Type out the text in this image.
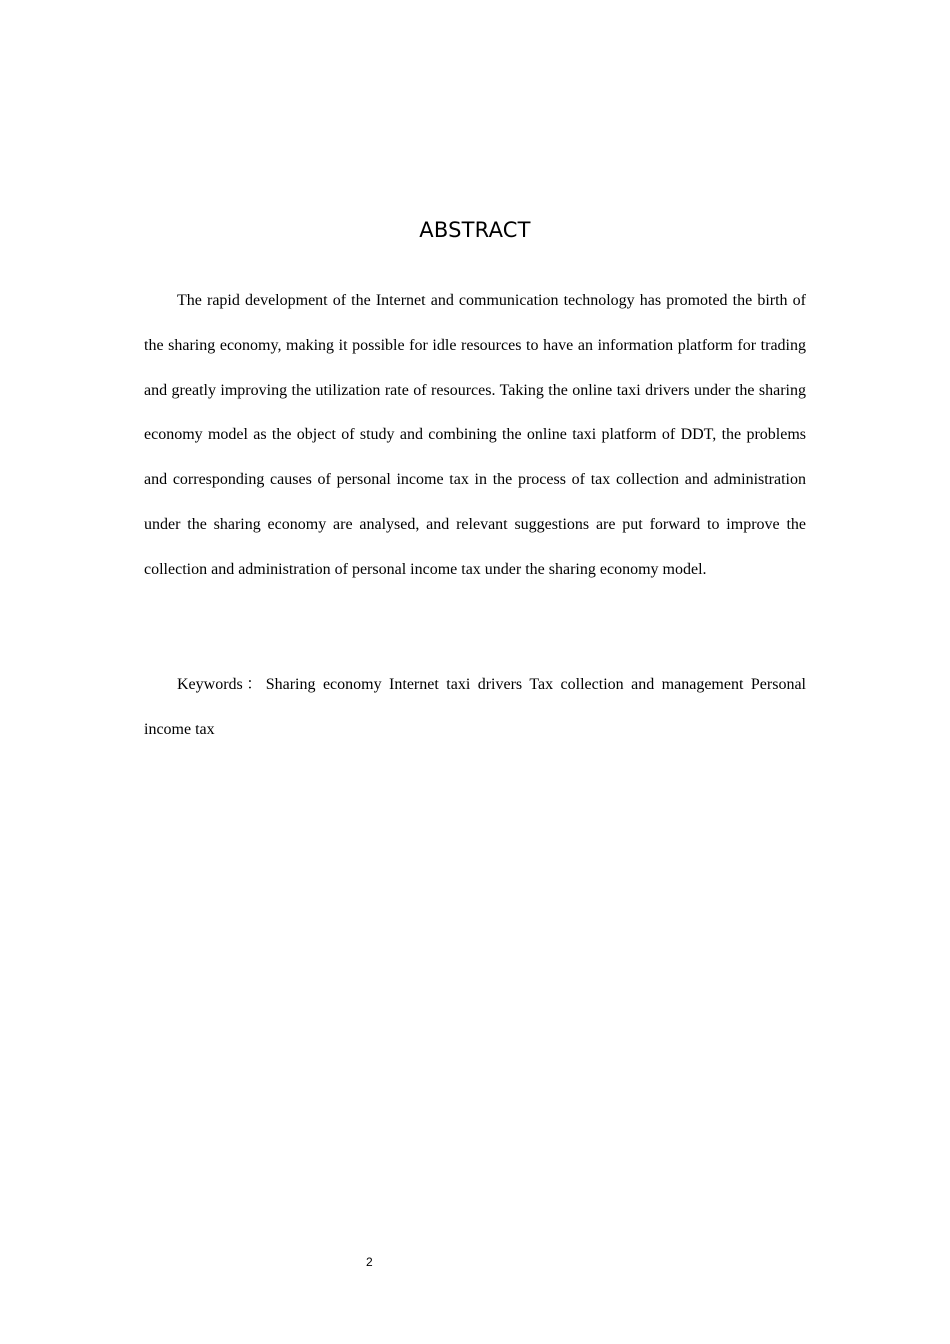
ABSTRACT

The rapid development of the Internet and communication technology has promoted the birth of the sharing economy, making it possible for idle resources to have an information platform for trading and greatly improving the utilization rate of resources. Taking the online taxi drivers under the sharing economy model as the object of study and combining the online taxi platform of DDT, the problems and corresponding causes of personal income tax in the process of tax collection and administration under the sharing economy are analysed, and relevant suggestions are put forward to improve the collection and administration of personal income tax under the sharing economy model.

Keywords：Sharing economy Internet taxi drivers Tax collection and management Personal income tax

2
